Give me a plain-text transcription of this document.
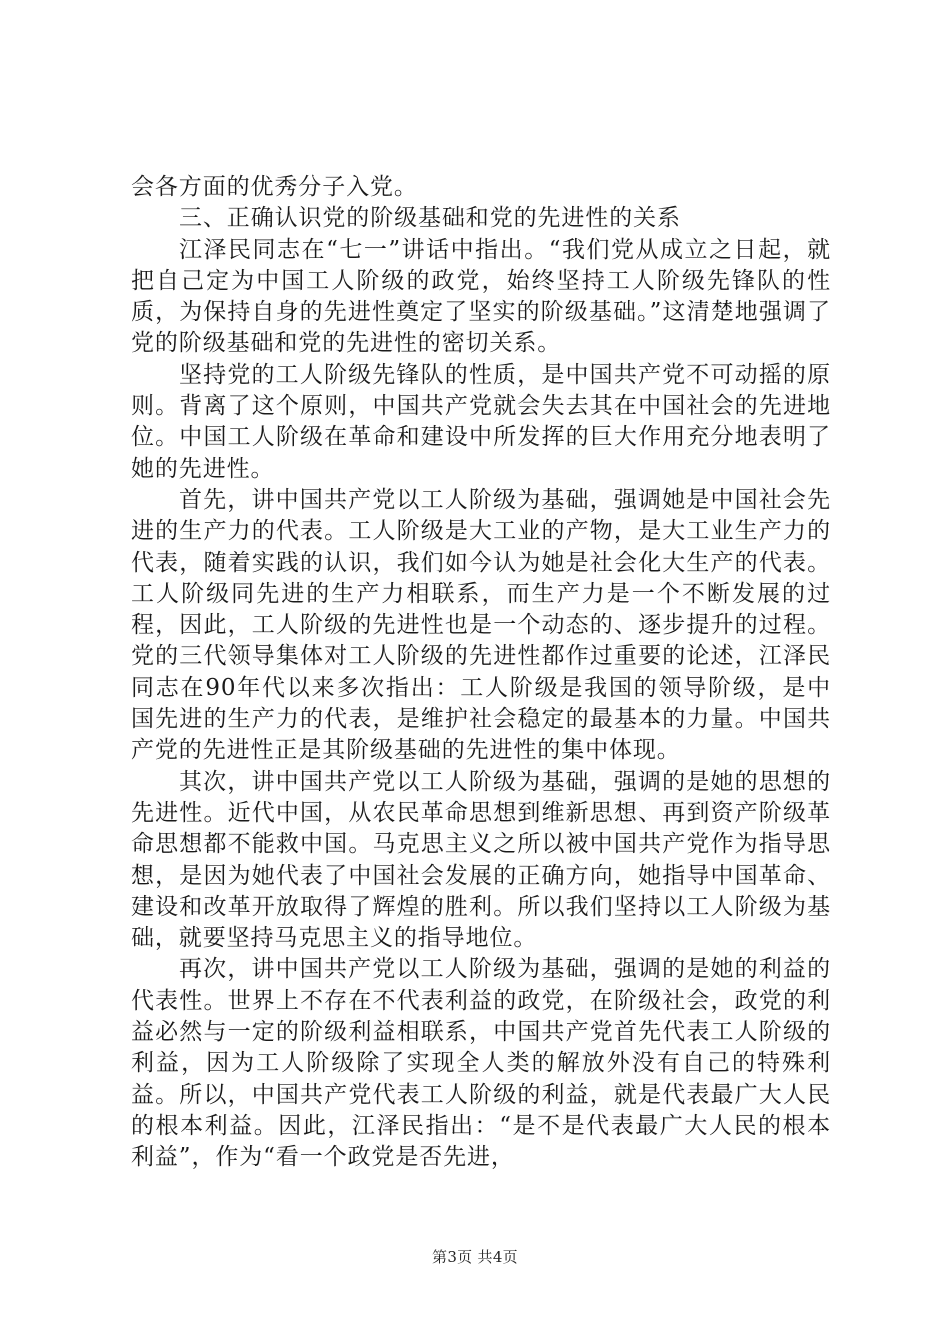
会各方面的优秀分子入党。

三、正确认识党的阶级基础和党的先进性的关系

江泽民同志在“七一”讲话中指出。“我们党从成立之日起，就把自己定为中国工人阶级的政党，始终坚持工人阶级先锋队的性质，为保持自身的先进性奠定了坚实的阶级基础。”这清楚地强调了党的阶级基础和党的先进性的密切关系。

坚持党的工人阶级先锋队的性质，是中国共产党不可动摇的原则。背离了这个原则，中国共产党就会失去其在中国社会的先进地位。中国工人阶级在革命和建设中所发挥的巨大作用充分地表明了她的先进性。

首先，讲中国共产党以工人阶级为基础，强调她是中国社会先进的生产力的代表。工人阶级是大工业的产物，是大工业生产力的代表，随着实践的认识，我们如今认为她是社会化大生产的代表。工人阶级同先进的生产力相联系，而生产力是一个不断发展的过程，因此，工人阶级的先进性也是一个动态的、逐步提升的过程。党的三代领导集体对工人阶级的先进性都作过重要的论述，江泽民同志在90年代以来多次指出：工人阶级是我国的领导阶级，是中国先进的生产力的代表，是维护社会稳定的最基本的力量。中国共产党的先进性正是其阶级基础的先进性的集中体现。

其次，讲中国共产党以工人阶级为基础，强调的是她的思想的先进性。近代中国，从农民革命思想到维新思想、再到资产阶级革命思想都不能救中国。马克思主义之所以被中国共产党作为指导思想，是因为她代表了中国社会发展的正确方向，她指导中国革命、建设和改革开放取得了辉煌的胜利。所以我们坚持以工人阶级为基础，就要坚持马克思主义的指导地位。

再次，讲中国共产党以工人阶级为基础，强调的是她的利益的代表性。世界上不存在不代表利益的政党，在阶级社会，政党的利益必然与一定的阶级利益相联系，中国共产党首先代表工人阶级的利益，因为工人阶级除了实现全人类的解放外没有自己的特殊利益。所以，中国共产党代表工人阶级的利益，就是代表最广大人民的根本利益。因此，江泽民指出：“是不是代表最广大人民的根本利益”，作为“看一个政党是否先进，

第3页 共4页
